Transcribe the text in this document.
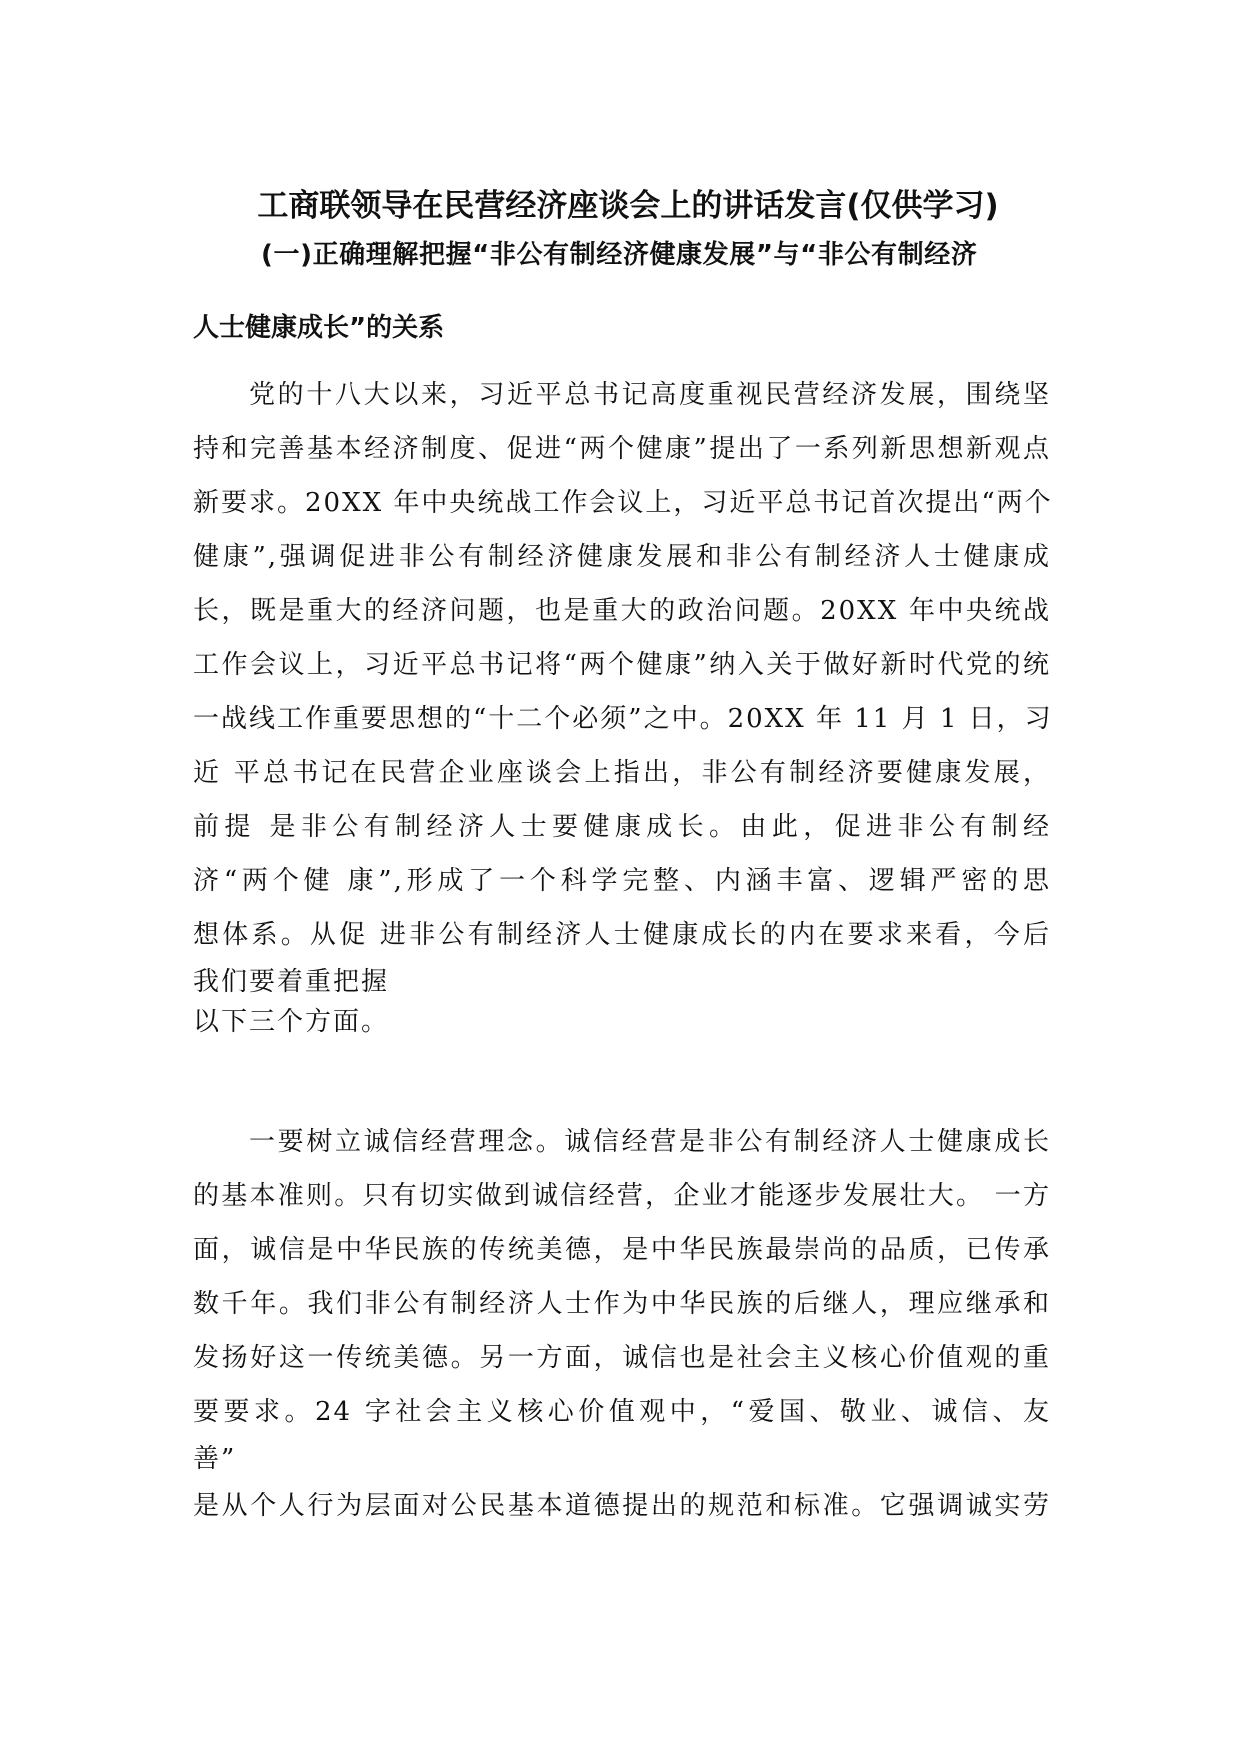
工商联领导在民营经济座谈会上的讲话发言(仅供学习)
(一)正确理解把握“非公有制经济健康发展”与“非公有制经济
人士健康成长”的关系
党的十八大以来，习近平总书记高度重视民营经济发展，围绕坚
持和完善基本经济制度、促进“两个健康”提出了一系列新思想新观点
新要求。20XX 年中央统战工作会议上，习近平总书记首次提出“两个
健康”,强调促进非公有制经济健康发展和非公有制经济人士健康成
长，既是重大的经济问题，也是重大的政治问题。20XX 年中央统战
工作会议上，习近平总书记将“两个健康”纳入关于做好新时代党的统
一战线工作重要思想的“十二个必须”之中。20XX 年 11 月 1 日，习
近 平总书记在民营企业座谈会上指出，非公有制经济要健康发展，
前提 是非公有制经济人士要健康成长。由此，促进非公有制经
济“两个健 康”,形成了一个科学完整、内涵丰富、逻辑严密的思
想体系。从促 进非公有制经济人士健康成长的内在要求来看，今后
我们要着重把握
以下三个方面。
一要树立诚信经营理念。诚信经营是非公有制经济人士健康成长
的基本准则。只有切实做到诚信经营，企业才能逐步发展壮大。 一方
面，诚信是中华民族的传统美德，是中华民族最崇尚的品质，已传承
数千年。我们非公有制经济人士作为中华民族的后继人，理应继承和
发扬好这一传统美德。另一方面，诚信也是社会主义核心价值观的重
要要求。24 字社会主义核心价值观中，“爱国、敬业、诚信、友
善”
是从个人行为层面对公民基本道德提出的规范和标准。它强调诚实劳
